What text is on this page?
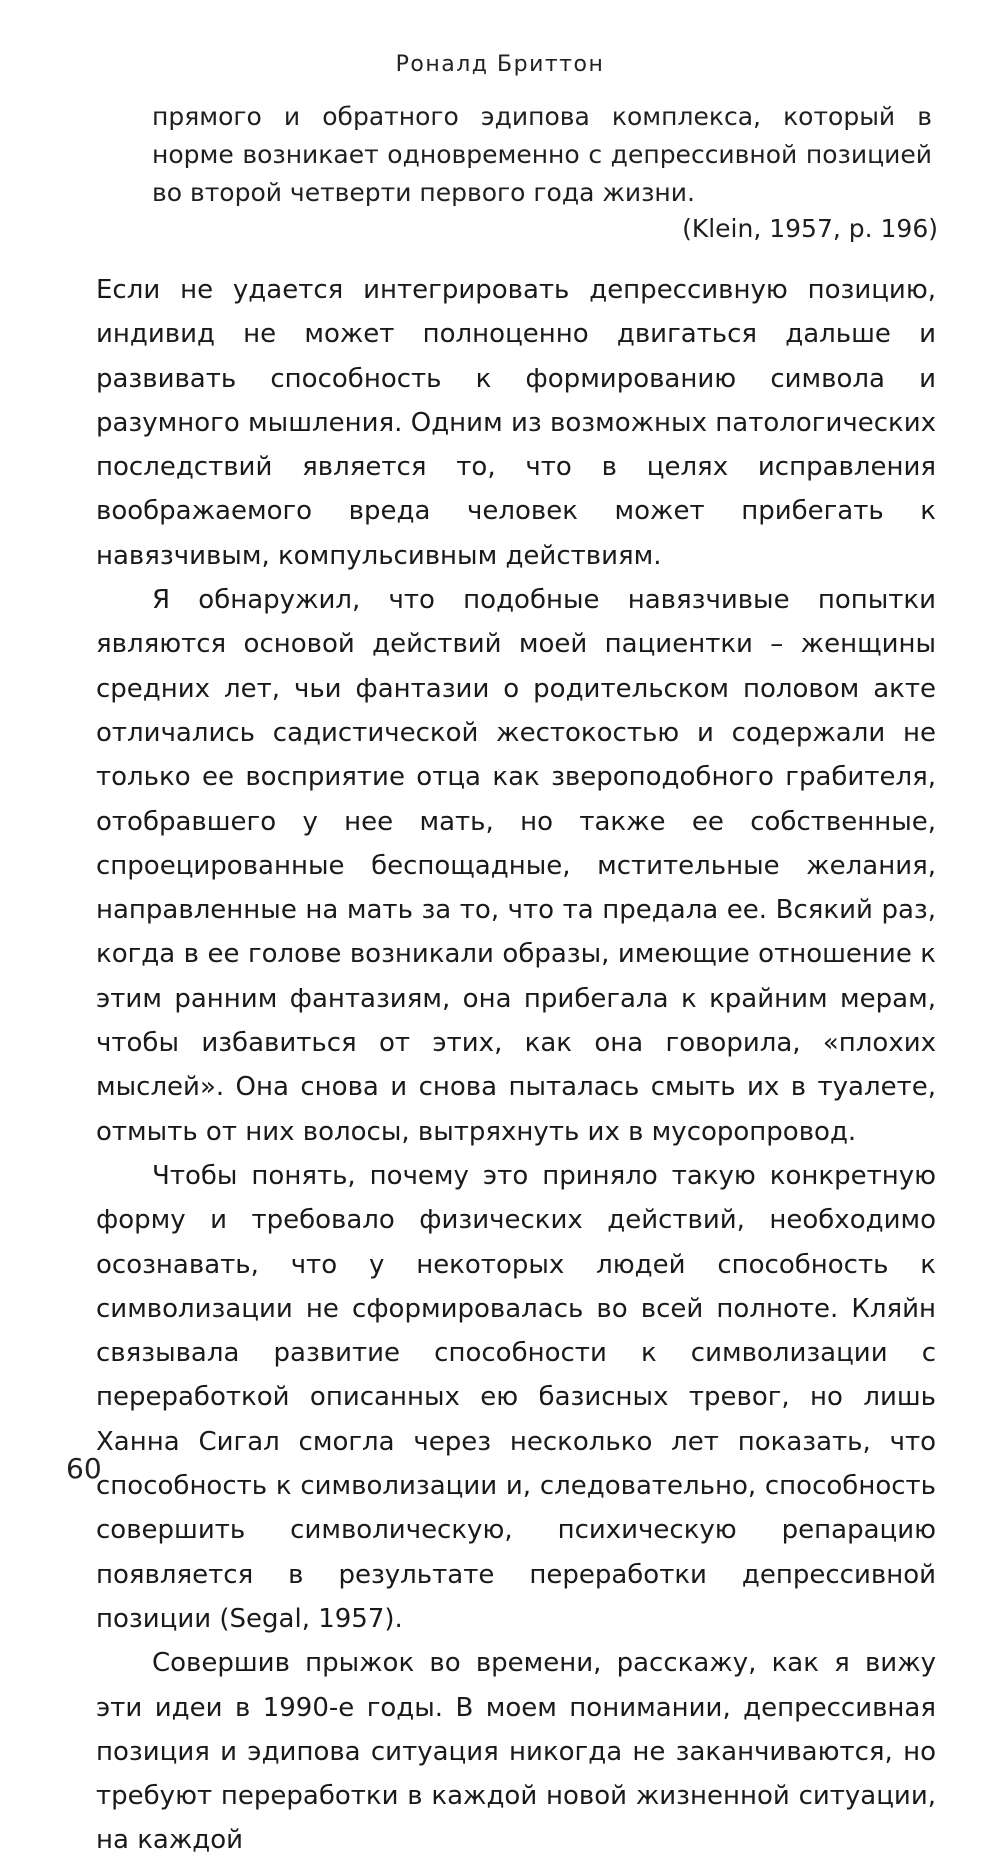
Роналд Бриттон

прямого и обратного эдипова комплекса, который в норме возникает одновременно с депрессивной позицией во второй четверти первого года жизни.

(Klein, 1957, p. 196)

Если не удается интегрировать депрессивную позицию, индивид не может полноценно двигаться дальше и развивать способность к формированию символа и разумного мышления. Одним из возможных патологических последствий является то, что в целях исправления воображаемого вреда человек может прибегать к навязчивым, компульсивным действиям.

Я обнаружил, что подобные навязчивые попытки являются основой действий моей пациентки – женщины средних лет, чьи фантазии о родительском половом акте отличались садистической жестокостью и содержали не только ее восприятие отца как звероподобного грабителя, отобравшего у нее мать, но также ее собственные, спроецированные беспощадные, мстительные желания, направленные на мать за то, что та предала ее. Всякий раз, когда в ее голове возникали образы, имеющие отношение к этим ранним фантазиям, она прибегала к крайним мерам, чтобы избавиться от этих, как она говорила, «плохих мыслей». Она снова и снова пыталась смыть их в туалете, отмыть от них волосы, вытряхнуть их в мусоропровод.

Чтобы понять, почему это приняло такую конкретную форму и требовало физических действий, необходимо осознавать, что у некоторых людей способность к символизации не сформировалась во всей полноте. Кляйн связывала развитие способности к символизации с переработкой описанных ею базисных тревог, но лишь Ханна Сигал смогла через несколько лет показать, что способность к символизации и, следовательно, способность совершить символическую, психическую репарацию появляется в результате переработки депрессивной позиции (Segal, 1957).

Совершив прыжок во времени, расскажу, как я вижу эти идеи в 1990-е годы. В моем понимании, депрессивная позиция и эдипова ситуация никогда не заканчиваются, но требуют переработки в каждой новой жизненной ситуации, на каждой

60
